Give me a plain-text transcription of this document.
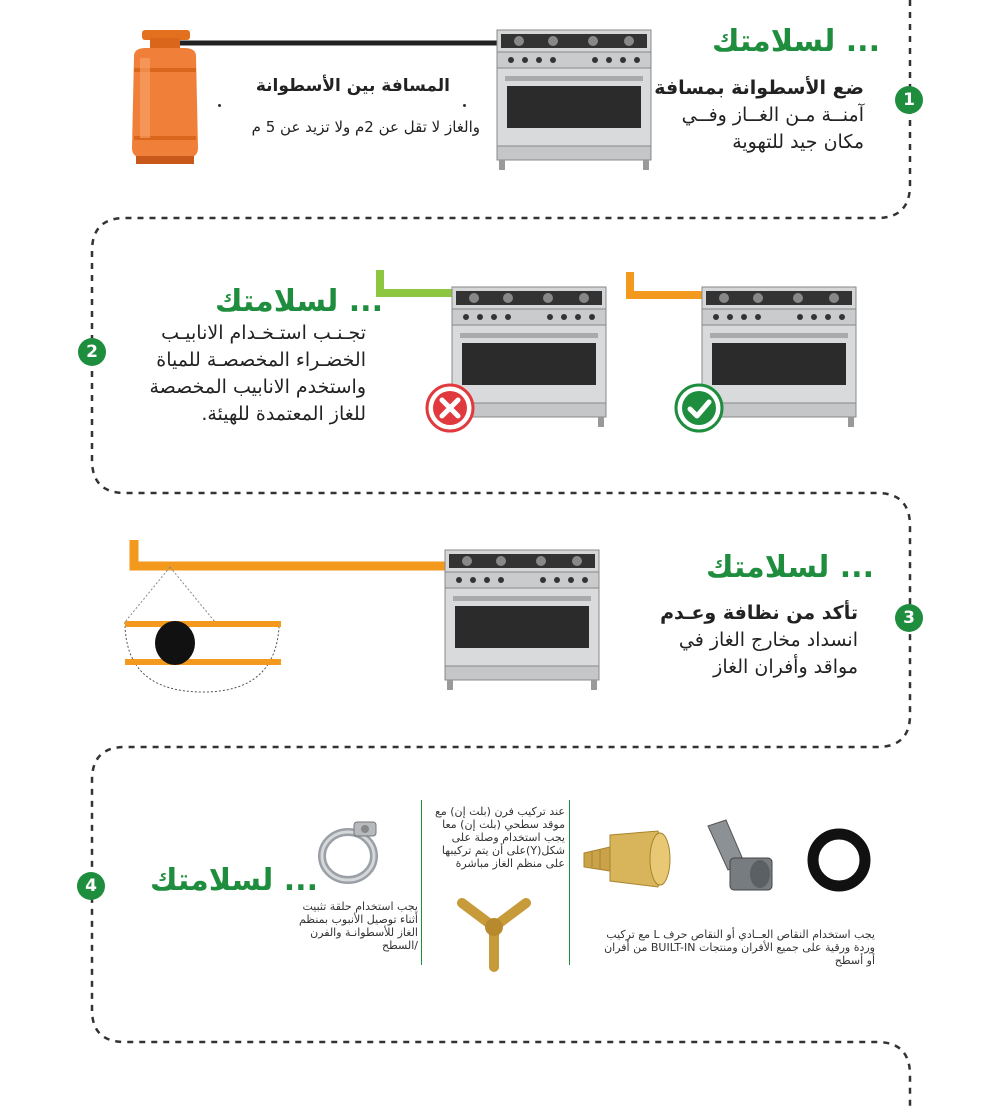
لسلامتك ...
1
ضع الأسطوانة بمسافة
آمنــة مـن الغــاز وفــي
مكان جيد للتهوية
المسافة بين الأسطوانة
والغاز لا تقل عن 2م ولا تزيد عن 5 م
لسلامتك ...
2
تجـنـب استـخـدام الانابيـب
الخضـراء المخصصـة للمياة
واستخدم الانابيب المخصصة
للغاز المعتمدة للهيئة.
لسلامتك ...
3
تأكد من نظافة وعـدم
انسداد مخارج الغاز في
مواقد وأفران الغاز
لسلامتك ...
4
يجب استخدام حلقة تثبيت
أثناء توصيل الأنبوب بمنظم
الغاز للأسطوانـة والفرن
/السطح
عند تركيب فرن (بلت إن) مع
موقد سطحي (بلت إن) معا
يجب استخدام وصلة على
شكل(Y)على أن يتم تركيبها
على منظم الغاز مباشرة
يجب استخدام النقاص العــادي أو النقاص حرف L مع تركيب
وردة ورقية على جميع الأفران ومنتجات BUILT-IN من أفران
أو أسطح
